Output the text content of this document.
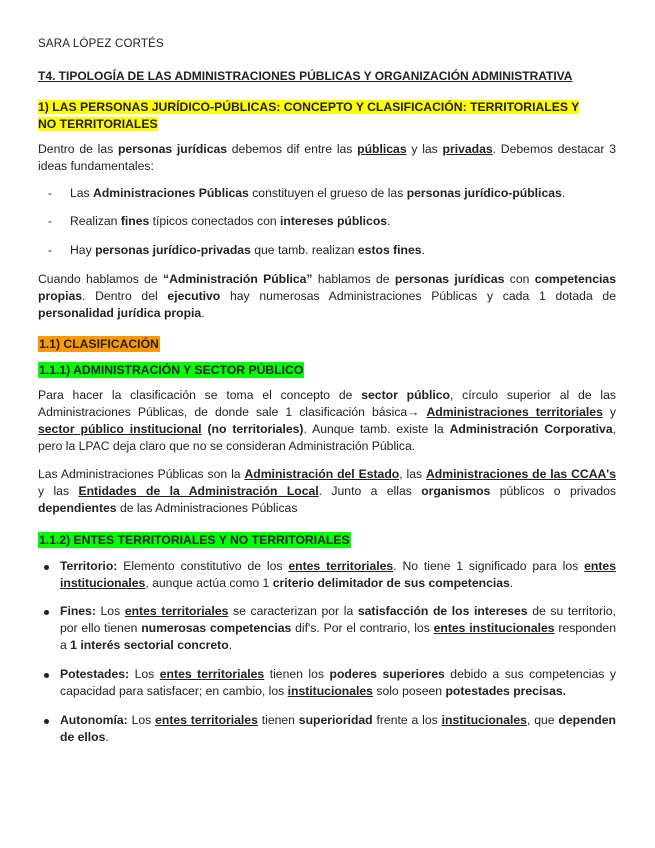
SARA LÓPEZ CORTÉS
T4. TIPOLOGÍA DE LAS ADMINISTRACIONES PÚBLICAS Y ORGANIZACIÓN ADMINISTRATIVA
1) LAS PERSONAS JURÍDICO-PÚBLICAS: CONCEPTO Y CLASIFICACIÓN: TERRITORIALES Y
NO TERRITORIALES
Dentro de las personas jurídicas debemos dif entre las públicas y las privadas. Debemos destacar 3 ideas fundamentales:
- Las Administraciones Públicas constituyen el grueso de las personas jurídico-públicas.
- Realizan fines típicos conectados con intereses públicos.
- Hay personas jurídico-privadas que tamb. realizan estos fines.
Cuando hablamos de “Administración Pública” hablamos de personas jurídicas con competencias propias. Dentro del ejecutivo hay numerosas Administraciones Públicas y cada 1 dotada de personalidad jurídica propia.
1.1) CLASIFICACIÓN
1.1.1) ADMINISTRACIÓN Y SECTOR PÚBLICO
Para hacer la clasificación se toma el concepto de sector público, círculo superior al de las Administraciones Públicas, de donde sale 1 clasificación básica→ Administraciones territoriales y sector público institucional (no territoriales). Aunque tamb. existe la Administración Corporativa, pero la LPAC deja claro que no se consideran Administración Pública.
Las Administraciones Públicas son la Administración del Estado, las Administraciones de las CCAA's y las Entidades de la Administración Local. Junto a ellas organismos públicos o privados dependientes de las Administraciones Públicas
1.1.2) ENTES TERRITORIALES Y NO TERRITORIALES
Territorio: Elemento constitutivo de los entes territoriales. No tiene 1 significado para los entes institucionales, aunque actúa como 1 criterio delimitador de sus competencias.
Fines: Los entes territoriales se caracterizan por la satisfacción de los intereses de su territorio, por ello tienen numerosas competencias dif's. Por el contrario, los entes institucionales responden a 1 interés sectorial concreto.
Potestades: Los entes territoriales tienen los poderes superiores debido a sus competencias y capacidad para satisfacer; en cambio, los institucionales solo poseen potestades precisas.
Autonomía: Los entes territoriales tienen superioridad frente a los institucionales, que dependen de ellos.
